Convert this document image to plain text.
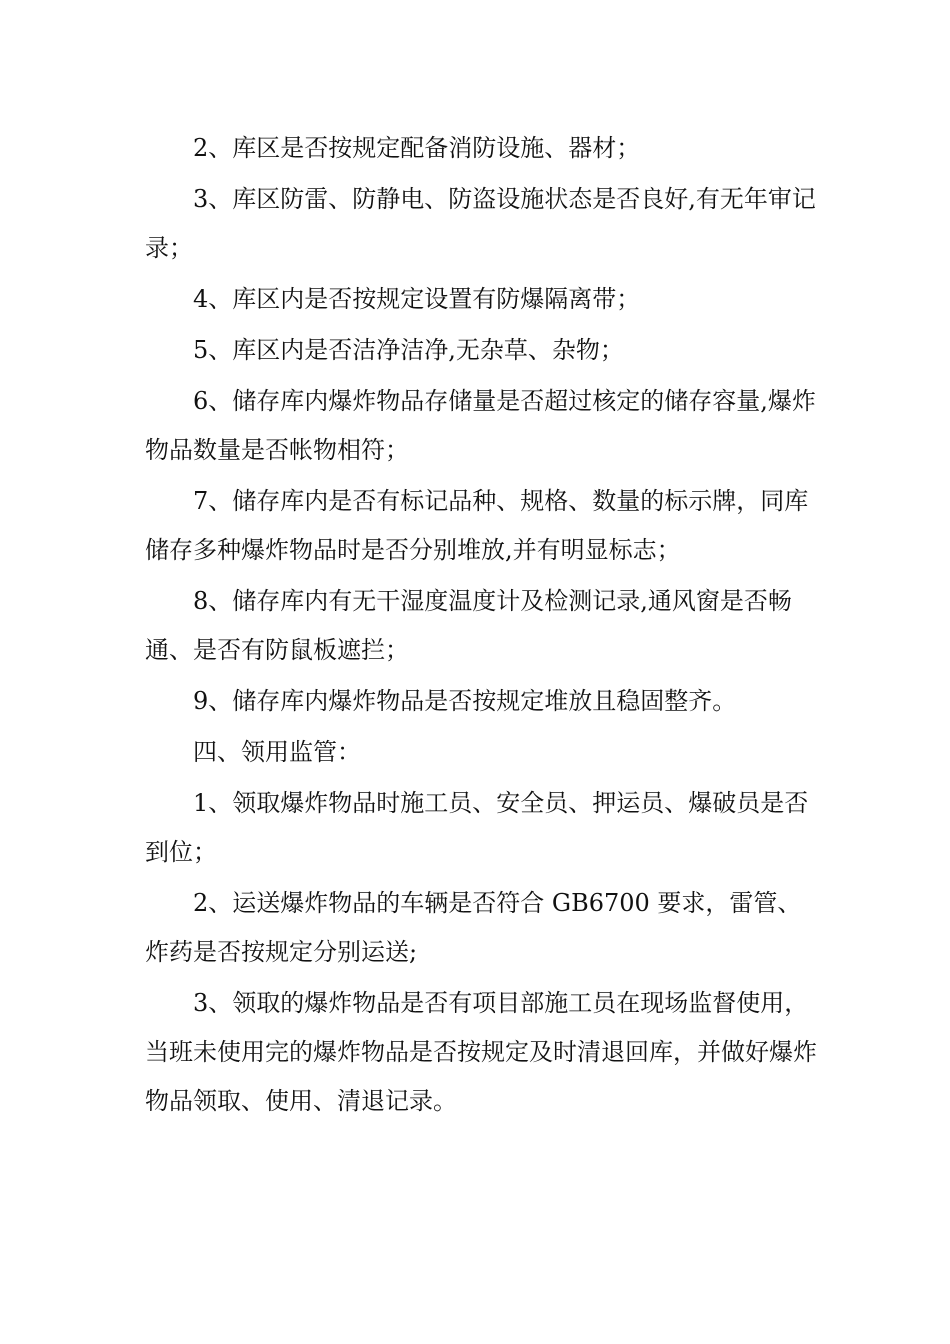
2、库区是否按规定配备消防设施、器材；

3、库区防雷、防静电、防盗设施状态是否良好,有无年审记录；

4、库区内是否按规定设置有防爆隔离带；

5、库区内是否洁净洁净,无杂草、杂物；

6、储存库内爆炸物品存储量是否超过核定的储存容量,爆炸物品数量是否帐物相符；

7、储存库内是否有标记品种、规格、数量的标示牌，同库储存多种爆炸物品时是否分别堆放,并有明显标志；

8、储存库内有无干湿度温度计及检测记录,通风窗是否畅通、是否有防鼠板遮拦；

9、储存库内爆炸物品是否按规定堆放且稳固整齐。

四、领用监管：

1、领取爆炸物品时施工员、安全员、押运员、爆破员是否到位；

2、运送爆炸物品的车辆是否符合 GB6700 要求，雷管、炸药是否按规定分别运送;

3、领取的爆炸物品是否有项目部施工员在现场监督使用，当班未使用完的爆炸物品是否按规定及时清退回库，并做好爆炸物品领取、使用、清退记录。
